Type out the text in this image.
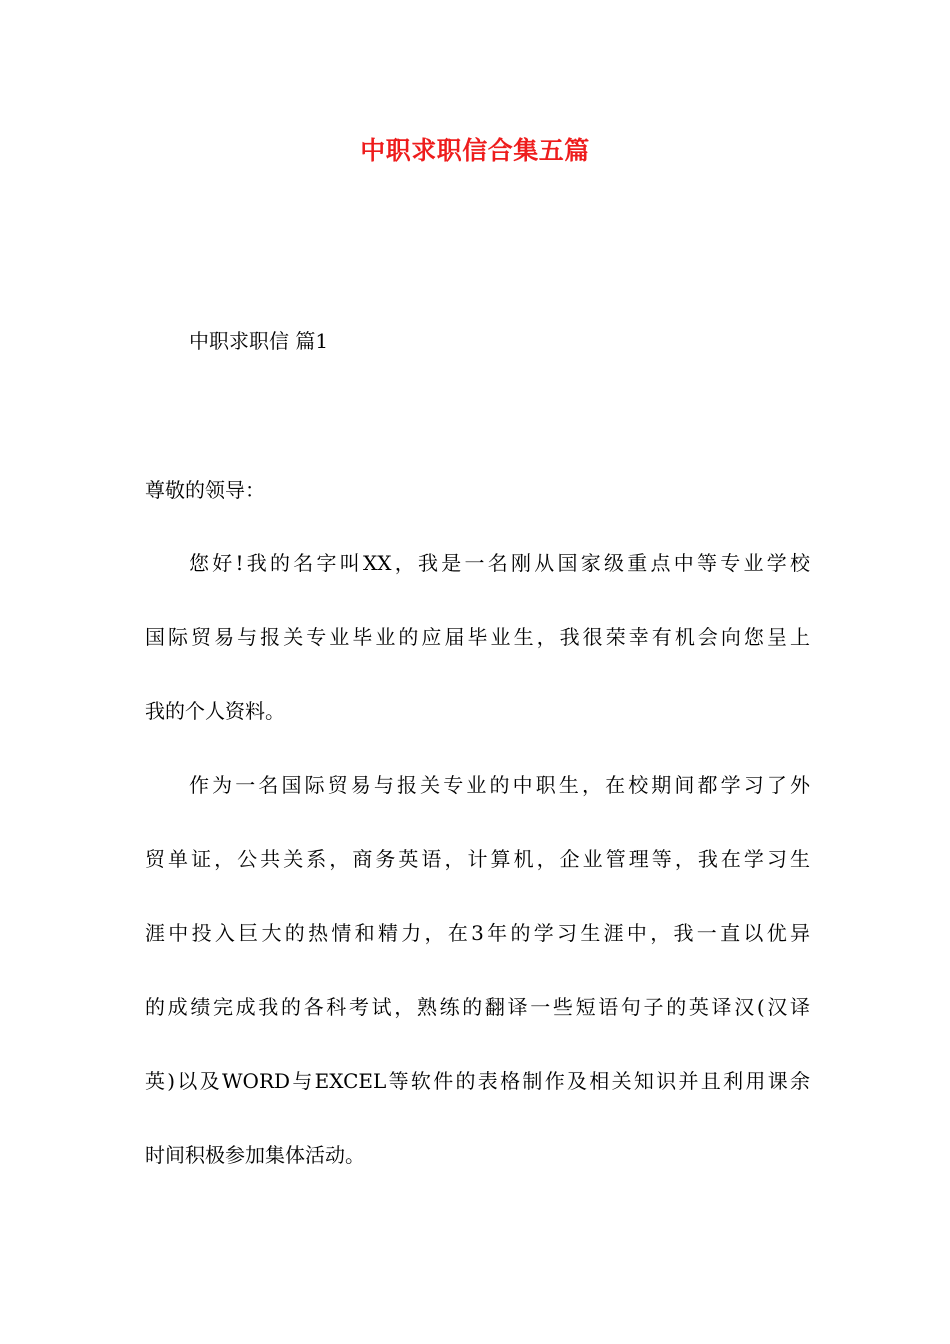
中职求职信合集五篇
中职求职信 篇1
尊敬的领导：
您好!我的名字叫XX，我是一名刚从国家级重点中等专业学校
国际贸易与报关专业毕业的应届毕业生，我很荣幸有机会向您呈上
我的个人资料。
作为一名国际贸易与报关专业的中职生，在校期间都学习了外
贸单证，公共关系，商务英语，计算机，企业管理等，我在学习生
涯中投入巨大的热情和精力，在3年的学习生涯中，我一直以优异
的成绩完成我的各科考试，熟练的翻译一些短语句子的英译汉(汉译
英)以及WORD与EXCEL等软件的表格制作及相关知识并且利用课余
时间积极参加集体活动。
